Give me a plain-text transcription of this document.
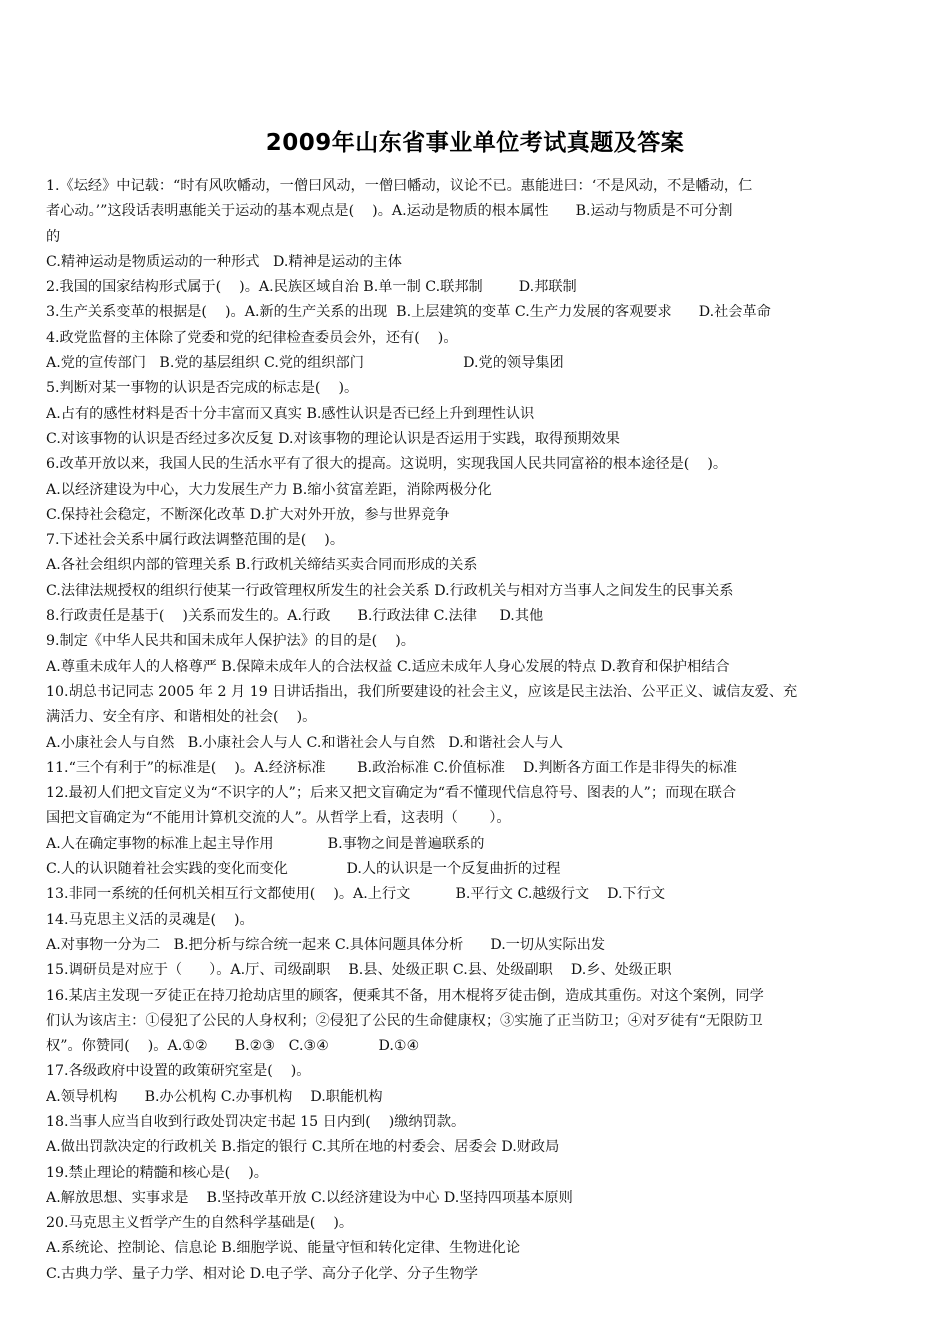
2009年山东省事业单位考试真题及答案
1.《坛经》中记载：“时有风吹幡动，一僧曰风动，一僧曰幡动，议论不已。惠能进曰：‘不是风动，不是幡动，仁
者心动。’”这段话表明惠能关于运动的基本观点是(    )。A.运动是物质的根本属性      B.运动与物质是不可分割
的
C.精神运动是物质运动的一种形式   D.精神是运动的主体
2.我国的国家结构形式属于(    )。A.民族区域自治 B.单一制 C.联邦制        D.邦联制
3.生产关系变革的根据是(    )。A.新的生产关系的出现  B.上层建筑的变革 C.生产力发展的客观要求      D.社会革命
4.政党监督的主体除了党委和党的纪律检查委员会外，还有(    )。
A.党的宣传部门   B.党的基层组织 C.党的组织部门                      D.党的领导集团
5.判断对某一事物的认识是否完成的标志是(    )。
A.占有的感性材料是否十分丰富而又真实 B.感性认识是否已经上升到理性认识
C.对该事物的认识是否经过多次反复 D.对该事物的理论认识是否运用于实践，取得预期效果
6.改革开放以来，我国人民的生活水平有了很大的提高。这说明，实现我国人民共同富裕的根本途径是(    )。
A.以经济建设为中心，大力发展生产力 B.缩小贫富差距，消除两极分化
C.保持社会稳定，不断深化改革 D.扩大对外开放，参与世界竞争
7.下述社会关系中属行政法调整范围的是(    )。
A.各社会组织内部的管理关系 B.行政机关缔结买卖合同而形成的关系
C.法律法规授权的组织行使某一行政管理权所发生的社会关系 D.行政机关与相对方当事人之间发生的民事关系
8.行政责任是基于(    )关系而发生的。A.行政      B.行政法律 C.法律     D.其他
9.制定《中华人民共和国未成年人保护法》的目的是(    )。
A.尊重未成年人的人格尊严 B.保障未成年人的合法权益 C.适应未成年人身心发展的特点 D.教育和保护相结合
10.胡总书记同志 2005 年 2 月 19 日讲话指出，我们所要建设的社会主义，应该是民主法治、公平正义、诚信友爱、充
满活力、安全有序、和谐相处的社会(    )。
A.小康社会人与自然   B.小康社会人与人 C.和谐社会人与自然   D.和谐社会人与人
11.“三个有利于”的标准是(    )。A.经济标准       B.政治标准 C.价值标准    D.判断各方面工作是非得失的标准
12.最初人们把文盲定义为“不识字的人”；后来又把文盲确定为“看不懂现代信息符号、图表的人”；而现在联合
国把文盲确定为“不能用计算机交流的人”。从哲学上看，这表明（       ）。
A.人在确定事物的标准上起主导作用            B.事物之间是普遍联系的
C.人的认识随着社会实践的变化而变化             D.人的认识是一个反复曲折的过程
13.非同一系统的任何机关相互行文都使用(    )。A.上行文          B.平行文 C.越级行文    D.下行文
14.马克思主义活的灵魂是(    )。
A.对事物一分为二   B.把分析与综合统一起来 C.具体问题具体分析      D.一切从实际出发
15.调研员是对应于（      ）。A.厅、司级副职    B.县、处级正职 C.县、处级副职    D.乡、处级正职
16.某店主发现一歹徒正在持刀抢劫店里的顾客，便乘其不备，用木棍将歹徒击倒，造成其重伤。对这个案例，同学
们认为该店主：①侵犯了公民的人身权利；②侵犯了公民的生命健康权；③实施了正当防卫；④对歹徒有“无限防卫
权”。你赞同(    )。A.①②      B.②③   C.③④           D.①④
17.各级政府中设置的政策研究室是(    )。
A.领导机构      B.办公机构 C.办事机构    D.职能机构
18.当事人应当自收到行政处罚决定书起 15 日内到(    )缴纳罚款。
A.做出罚款决定的行政机关 B.指定的银行 C.其所在地的村委会、居委会 D.财政局
19.禁止理论的精髓和核心是(    )。
A.解放思想、实事求是    B.坚持改革开放 C.以经济建设为中心 D.坚持四项基本原则
20.马克思主义哲学产生的自然科学基础是(    )。
A.系统论、控制论、信息论 B.细胞学说、能量守恒和转化定律、生物进化论
C.古典力学、量子力学、相对论 D.电子学、高分子化学、分子生物学
